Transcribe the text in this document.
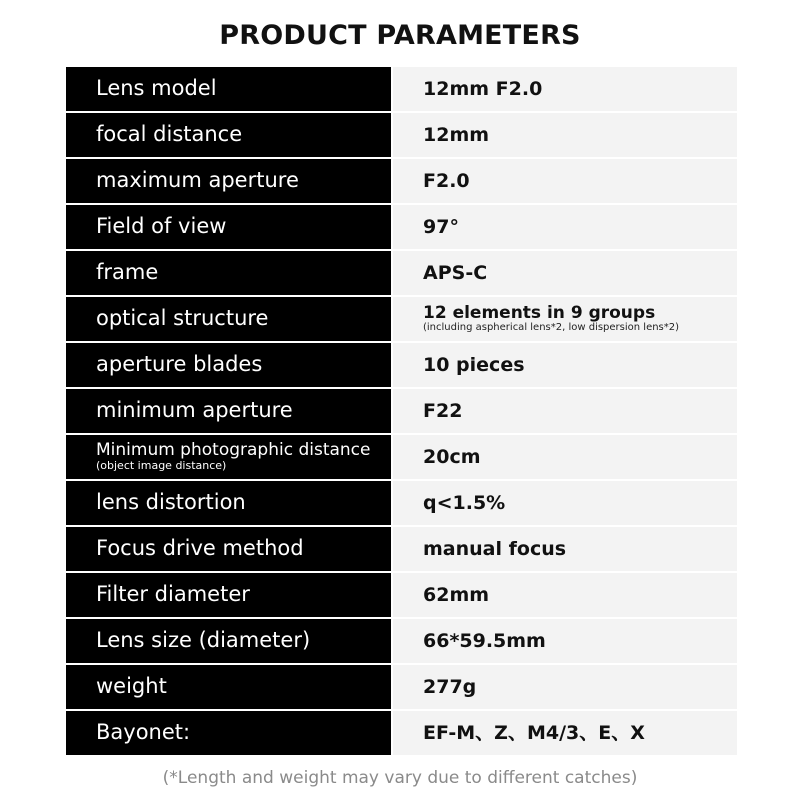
PRODUCT PARAMETERS
Lens model	12mm F2.0
focal distance	12mm
maximum aperture	F2.0
Field of view	97°
frame	APS-C
optical structure	12 elements in 9 groups
(including aspherical lens*2, low dispersion lens*2)
aperture blades	10 pieces
minimum aperture	F22
Minimum photographic distance
(object image distance)	20cm
lens distortion	q<1.5%
Focus drive method	manual focus
Filter diameter	62mm
Lens size (diameter)	66*59.5mm
weight	277g
Bayonet:	EF-M、Z、M4/3、E、X
(*Length and weight may vary due to different catches)
